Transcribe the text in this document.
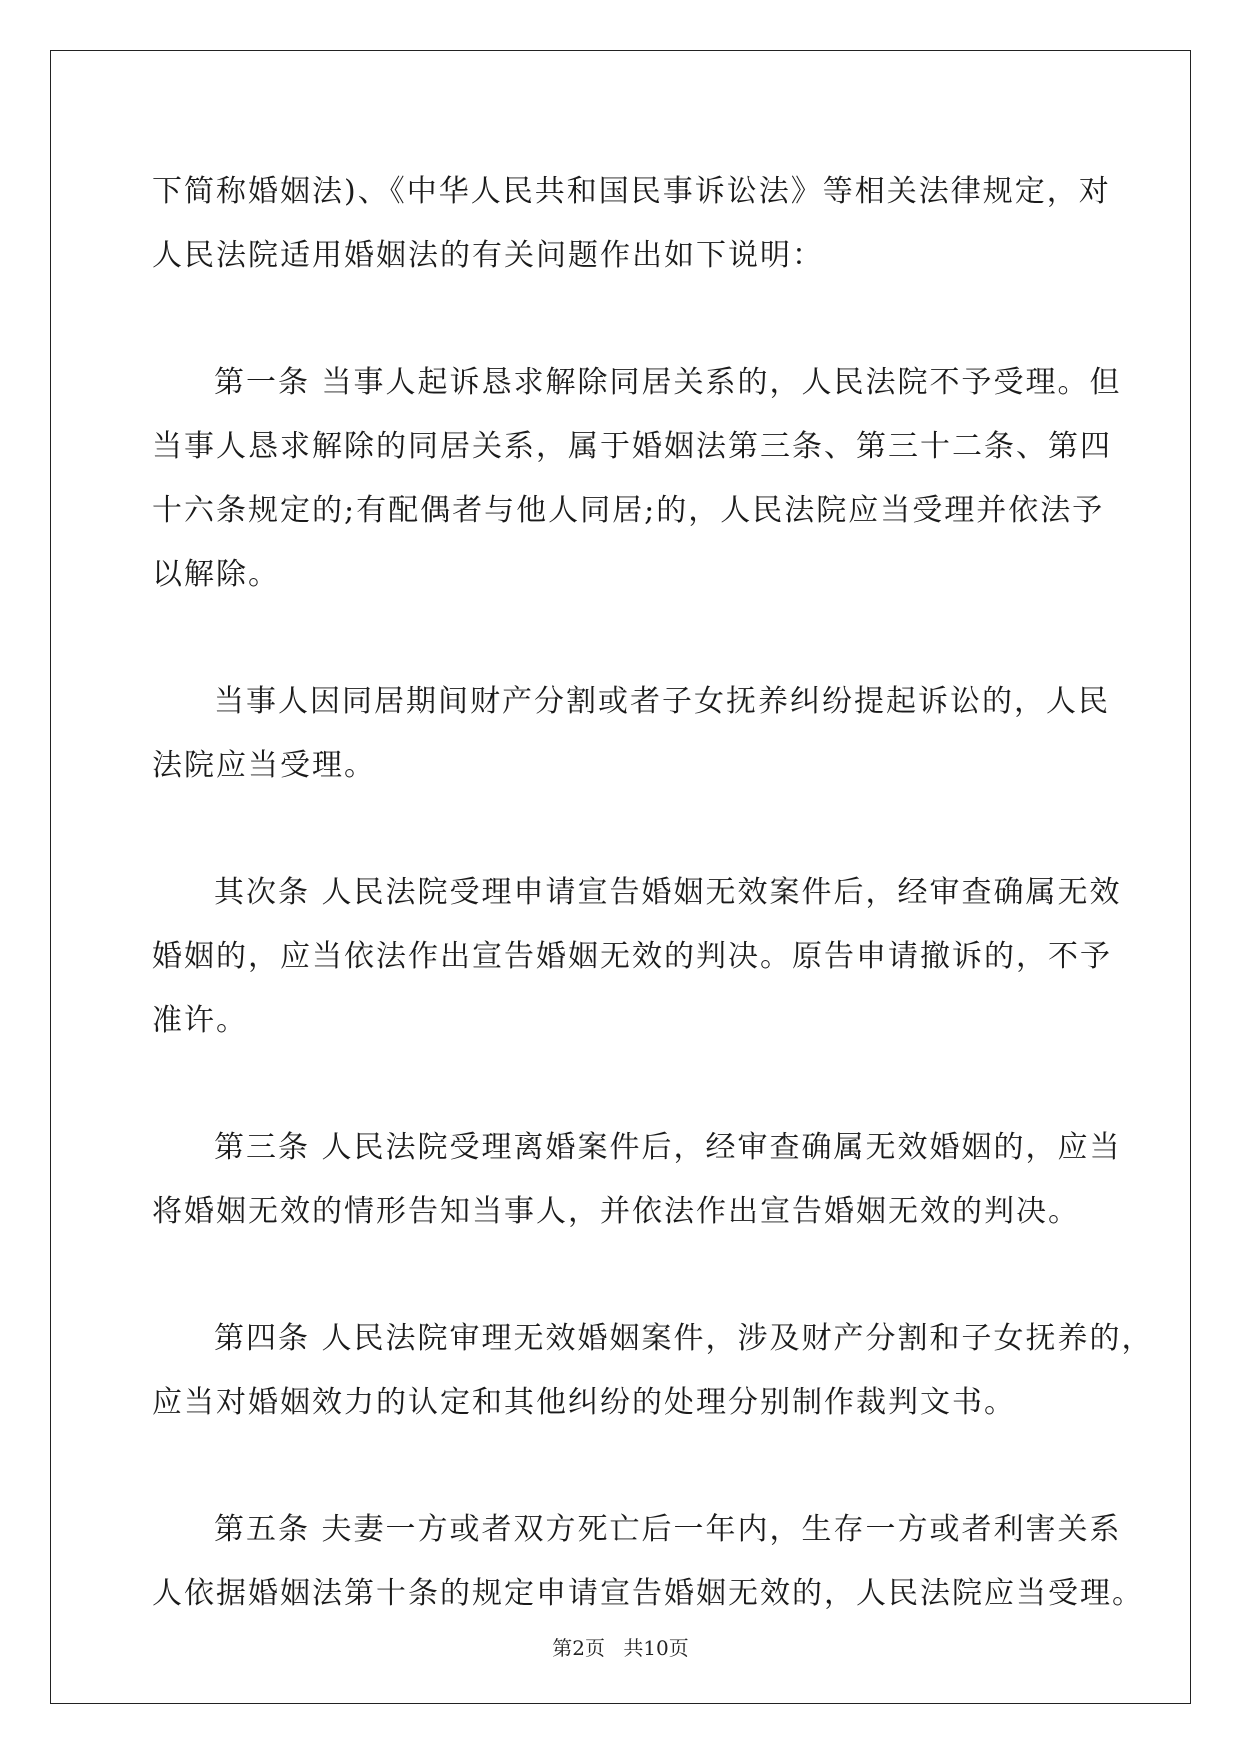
下简称婚姻法)、《中华人民共和国民事诉讼法》等相关法律规定，对
人民法院适用婚姻法的有关问题作出如下说明：
第一条 当事人起诉恳求解除同居关系的，人民法院不予受理。但
当事人恳求解除的同居关系，属于婚姻法第三条、第三十二条、第四
十六条规定的;有配偶者与他人同居;的，人民法院应当受理并依法予
以解除。
当事人因同居期间财产分割或者子女抚养纠纷提起诉讼的，人民
法院应当受理。
其次条 人民法院受理申请宣告婚姻无效案件后，经审查确属无效
婚姻的，应当依法作出宣告婚姻无效的判决。原告申请撤诉的，不予
准许。
第三条 人民法院受理离婚案件后，经审查确属无效婚姻的，应当
将婚姻无效的情形告知当事人，并依法作出宣告婚姻无效的判决。
第四条 人民法院审理无效婚姻案件，涉及财产分割和子女抚养的，
应当对婚姻效力的认定和其他纠纷的处理分别制作裁判文书。
第五条 夫妻一方或者双方死亡后一年内，生存一方或者利害关系
人依据婚姻法第十条的规定申请宣告婚姻无效的，人民法院应当受理。
第2页 共10页
